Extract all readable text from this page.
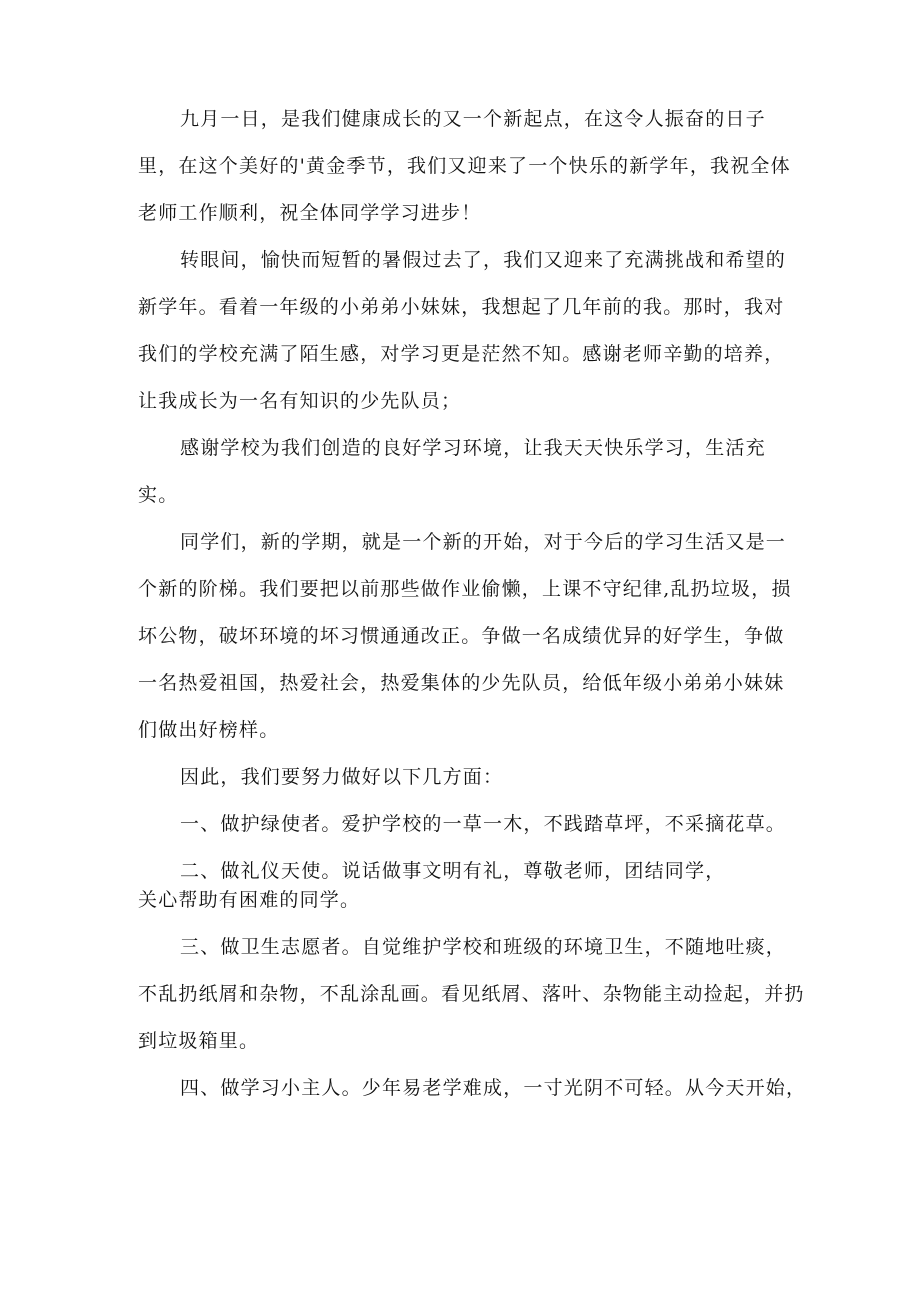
九月一日，是我们健康成长的又一个新起点，在这令人振奋的日子
里，在这个美好的'黄金季节，我们又迎来了一个快乐的新学年，我祝全体
老师工作顺利，祝全体同学学习进步！
转眼间，愉快而短暂的暑假过去了，我们又迎来了充满挑战和希望的
新学年。看着一年级的小弟弟小妹妹，我想起了几年前的我。那时，我对
我们的学校充满了陌生感，对学习更是茫然不知。感谢老师辛勤的培养，
让我成长为一名有知识的少先队员；
感谢学校为我们创造的良好学习环境，让我天天快乐学习，生活充
实。
同学们，新的学期，就是一个新的开始，对于今后的学习生活又是一
个新的阶梯。我们要把以前那些做作业偷懒，上课不守纪律,乱扔垃圾，损
坏公物，破坏环境的坏习惯通通改正。争做一名成绩优异的好学生，争做
一名热爱祖国，热爱社会，热爱集体的少先队员，给低年级小弟弟小妹妹
们做出好榜样。
因此，我们要努力做好以下几方面：
一、做护绿使者。爱护学校的一草一木，不践踏草坪，不采摘花草。
二、做礼仪天使。说话做事文明有礼，尊敬老师，团结同学，
关心帮助有困难的同学。
三、做卫生志愿者。自觉维护学校和班级的环境卫生，不随地吐痰，
不乱扔纸屑和杂物，不乱涂乱画。看见纸屑、落叶、杂物能主动捡起，并扔
到垃圾箱里。
四、做学习小主人。少年易老学难成，一寸光阴不可轻。从今天开始，
